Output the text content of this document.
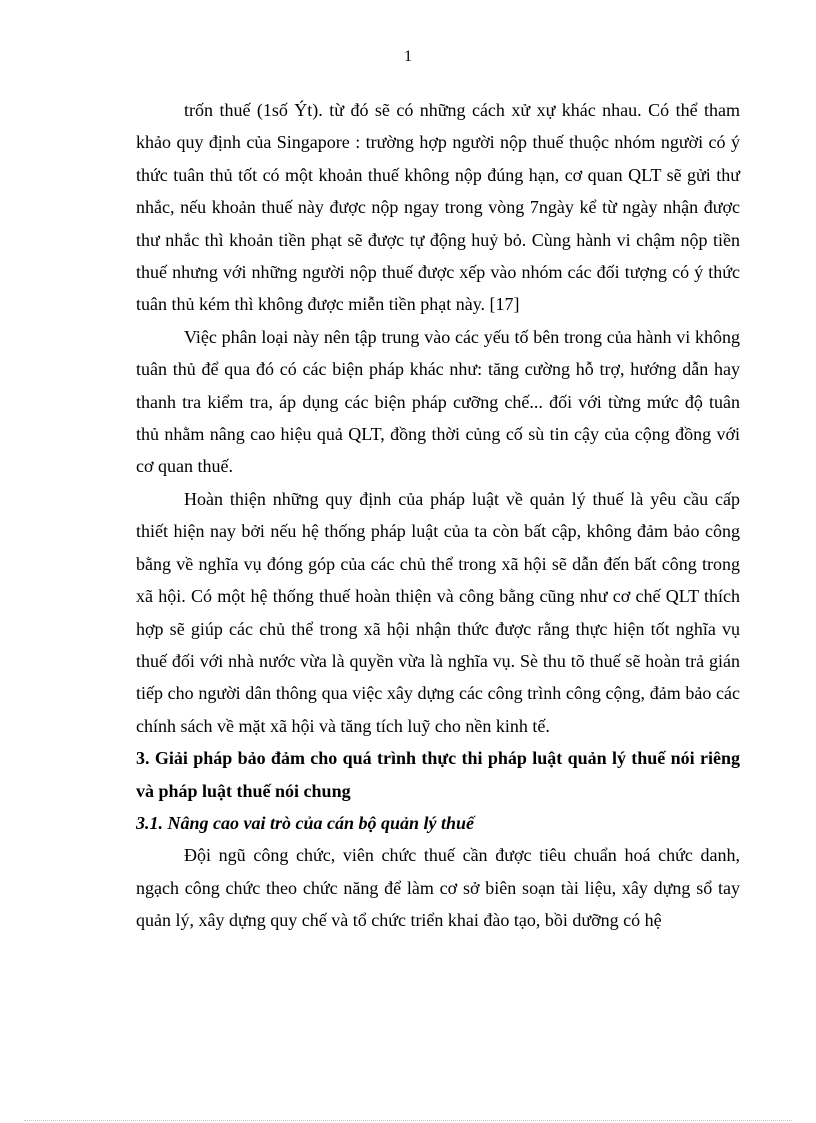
1

trốn thuế (1số Ýt). từ đó sẽ có những cách xử xự khác nhau. Có thể tham khảo quy định của Singapore : trường hợp người nộp thuế thuộc nhóm người có ý thức tuân thủ tốt có một khoản thuế không nộp đúng hạn, cơ quan QLT sẽ gửi thư nhắc, nếu khoản thuế này được nộp ngay trong vòng 7ngày kể từ ngày nhận được thư nhắc thì khoản tiền phạt sẽ được tự động huỷ bỏ. Cùng hành vi chậm nộp tiền thuế nhưng với những người nộp thuế được xếp vào nhóm các đối tượng có ý thức tuân thủ kém thì không được miễn tiền phạt này. [17]

Việc phân loại này nên tập trung vào các yếu tố bên trong của hành vi không tuân thủ để qua đó có các biện pháp khác như: tăng cường hỗ trợ, hướng dẫn hay thanh tra kiểm tra, áp dụng các biện pháp cưỡng chế... đối với từng mức độ tuân thủ nhằm nâng cao hiệu quả QLT, đồng thời củng cố sù tin cậy của cộng đồng với cơ quan thuế.

Hoàn thiện những quy định của pháp luật về quản lý thuế là yêu cầu cấp thiết hiện nay bởi nếu hệ thống pháp luật của ta còn bất cập, không đảm bảo công bằng về nghĩa vụ đóng góp của các chủ thể trong xã hội sẽ dẫn đến bất công trong xã hội. Có một hệ thống thuế hoàn thiện và công bằng cũng như cơ chế QLT thích hợp sẽ giúp các chủ thể trong xã hội nhận thức được rằng thực hiện tốt nghĩa vụ thuế đối với nhà nước vừa là quyền vừa là nghĩa vụ. Sè thu tõ thuế sẽ hoàn trả gián tiếp cho người dân thông qua việc xây dựng các công trình công cộng, đảm bảo các chính sách về mặt xã hội và tăng tích luỹ cho nền kinh tế.

3. Giải pháp bảo đảm cho quá trình thực thi pháp luật quản lý thuế nói riêng và pháp luật thuế nói chung

3.1. Nâng cao vai trò của cán bộ quản lý thuế

Đội ngũ công chức, viên chức thuế cần được tiêu chuẩn hoá chức danh, ngạch công chức theo chức năng để làm cơ sở biên soạn tài liệu, xây dựng sổ tay quản lý, xây dựng quy chế và tổ chức triển khai đào tạo, bồi dưỡng có hệ
